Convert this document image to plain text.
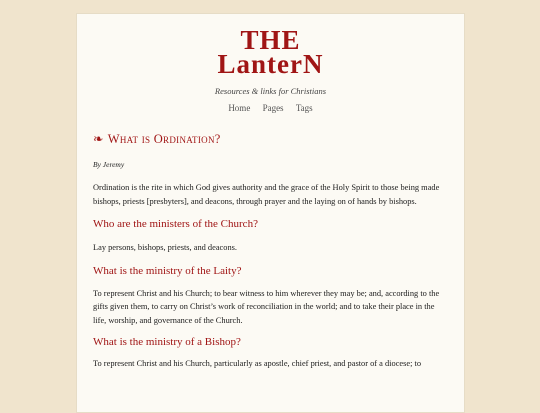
THE
LanterN
Resources & links for Christians
Home Pages Tags
❧ What is Ordination?
By Jeremy

Ordination is the rite in which God gives authority and the grace of the Holy Spirit to those being made bishops, priests [presbyters], and deacons, through prayer and the laying on of hands by bishops.

Who are the ministers of the Church?

Lay persons, bishops, priests, and deacons.

What is the ministry of the Laity?

To represent Christ and his Church; to bear witness to him wherever they may be; and, according to the gifts given them, to carry on Christ’s work of reconciliation in the world; and to take their place in the life, worship, and governance of the Church.

What is the ministry of a Bishop?

To represent Christ and his Church, particularly as apostle, chief priest, and pastor of a diocese; to
